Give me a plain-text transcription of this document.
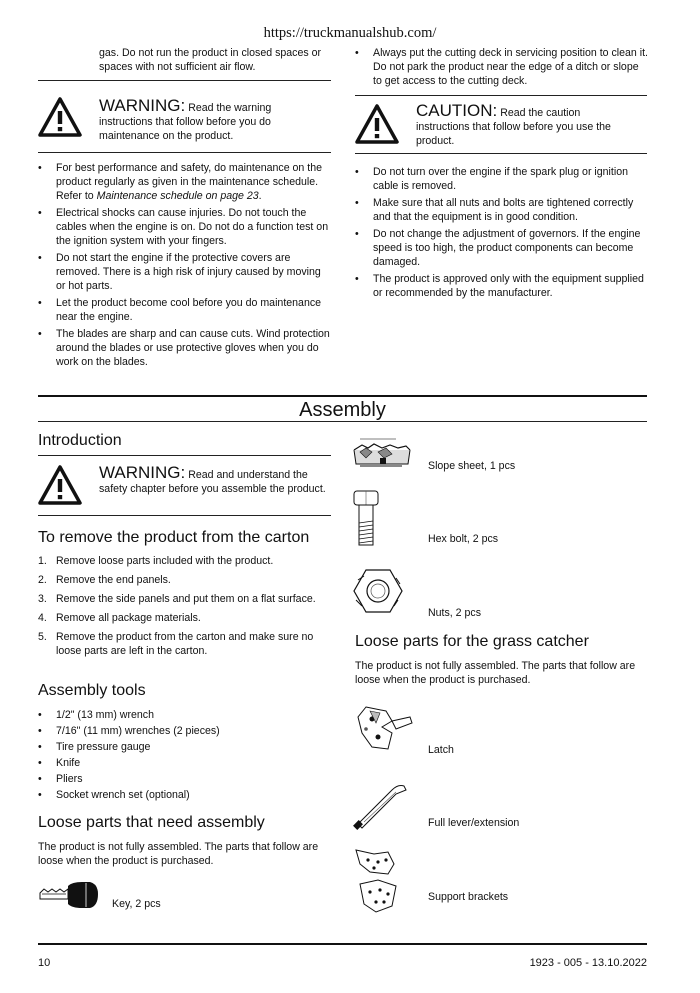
https://truckmanualshub.com/
gas. Do not run the product in closed spaces or spaces with not sufficient air flow.
WARNING: Read the warning
instructions that follow before you do maintenance on the product.
• For best performance and safety, do maintenance on the product regularly as given in the maintenance schedule. Refer to Maintenance schedule on page 23.
• Electrical shocks can cause injuries. Do not touch the cables when the engine is on. Do not do a function test on the ignition system with your fingers.
• Do not start the engine if the protective covers are removed. There is a high risk of injury caused by moving or hot parts.
• Let the product become cool before you do maintenance near the engine.
• The blades are sharp and can cause cuts. Wind protection around the blades or use protective gloves when you do work on the blades.
• Always put the cutting deck in servicing position to clean it. Do not park the product near the edge of a ditch or slope to get access to the cutting deck.
CAUTION: Read the caution
instructions that follow before you use the product.
• Do not turn over the engine if the spark plug or ignition cable is removed.
• Make sure that all nuts and bolts are tightened correctly and that the equipment is in good condition.
• Do not change the adjustment of governors. If the engine speed is too high, the product components can become damaged.
• The product is approved only with the equipment supplied or recommended by the manufacturer.
Assembly
Introduction
WARNING: Read and understand the
safety chapter before you assemble the product.
To remove the product from the carton
1. Remove loose parts included with the product.
2. Remove the end panels.
3. Remove the side panels and put them on a flat surface.
4. Remove all package materials.
5. Remove the product from the carton and make sure no loose parts are left in the carton.
Assembly tools
• 1/2" (13 mm) wrench
• 7/16" (11 mm) wrenches (2 pieces)
• Tire pressure gauge
• Knife
• Pliers
• Socket wrench set (optional)
Loose parts that need assembly
The product is not fully assembled. The parts that follow are loose when the product is purchased.
Key, 2 pcs
Slope sheet, 1 pcs
Hex bolt, 2 pcs
Nuts, 2 pcs
Loose parts for the grass catcher
The product is not fully assembled. The parts that follow are loose when the product is purchased.
Latch
Full lever/extension
Support brackets
10	1923 - 005 - 13.10.2022
